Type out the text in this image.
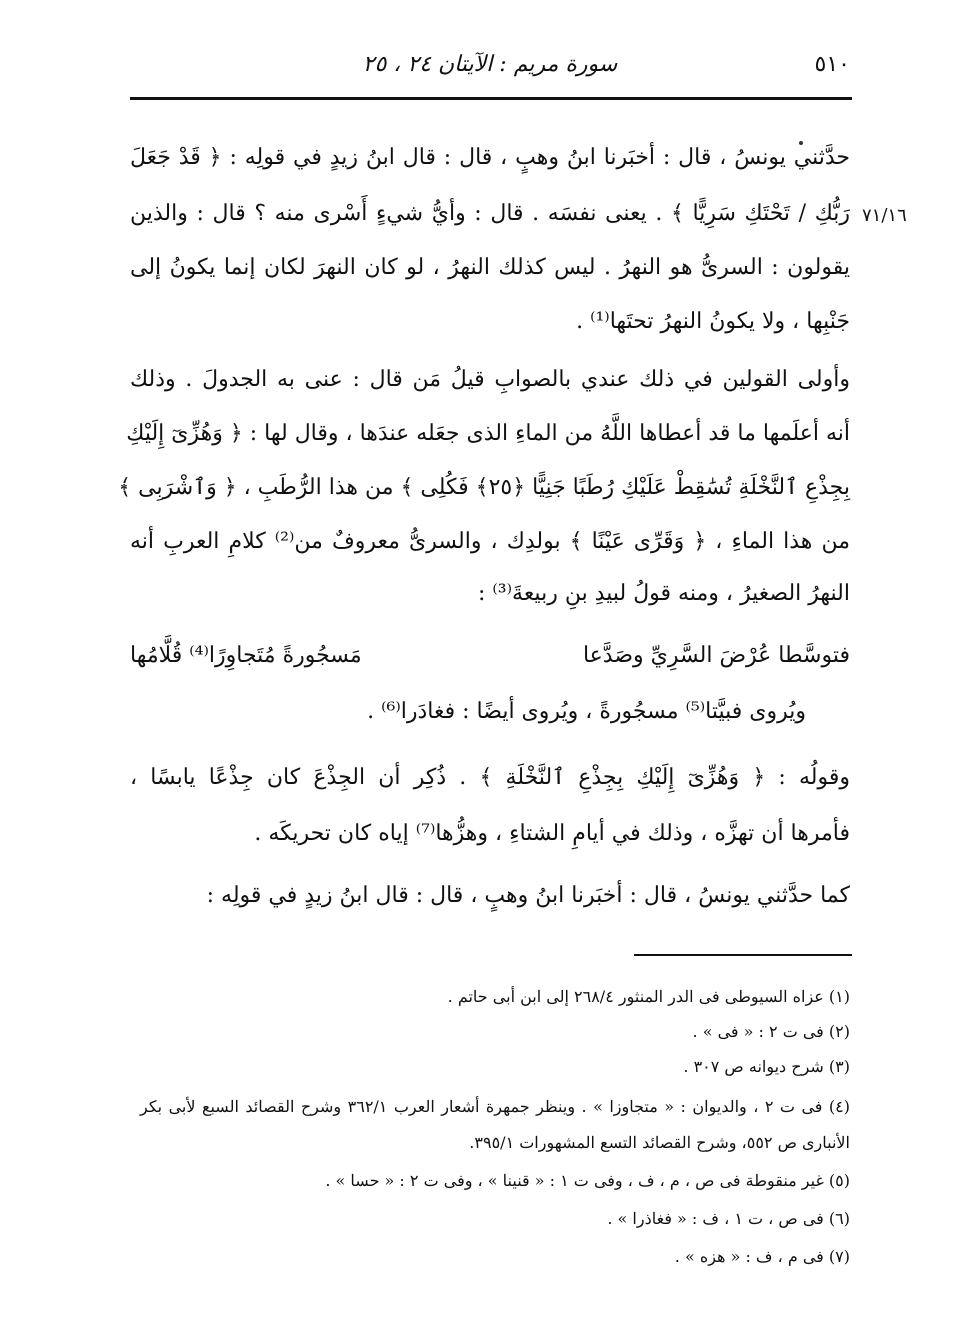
٥١٠
سورة مريم : الآيتان ٢٤ ، ٢٥
حدَّثني يونسُ ، قال : أخبَرنا ابنُ وهبٍ ، قال : قال ابنُ زيدٍ في قولِه : ﴿ قَدْ جَعَلَ
٧١/١٦
رَبُّكِ / تَحْتَكِ سَرِيًّا ﴾ . يعنى نفسَه . قال : وأيُّ شيءٍ أَسْرى منه ؟ قال : والذين
يقولون : السرىُّ هو النهرُ . ليس كذلك النهرُ ، لو كان النهرَ لكان إنما يكونُ إلى
جَنْبِها ، ولا يكونُ النهرُ تحتَها⁽¹⁾ .
وأولى القولين في ذلك عندي بالصوابِ قيلُ مَن قال : عنى به الجدولَ . وذلك
أنه أعلَمها ما قد أعطاها اللَّهُ من الماءِ الذى جعَله عندَها ، وقال لها : ﴿ وَهُزِّىٓ إِلَيْكِ
بِجِذْعِ ٱلنَّخْلَةِ تُسَٰقِطْ عَلَيْكِ رُطَبًا جَنِيًّا ﴿٢٥﴾ فَكُلِى ﴾ من هذا الرُّطَبِ ، ﴿ وَٱشْرَبِى ﴾
من هذا الماءِ ، ﴿ وَقَرِّى عَيْنًا ﴾ بولدِك ، والسرىُّ معروفٌ من⁽²⁾ كلامِ العربِ أنه
النهرُ الصغيرُ ، ومنه قولُ لبيدِ بنِ ربيعةَ⁽³⁾ :
فتوسَّطا عُرْضَ السَّرِيِّ وصَدَّعا
مَسجُورةً مُتَجاوِرًا⁽⁴⁾ قُلَّامُها
ويُروى فبيَّتا⁽⁵⁾ مسجُورةً ، ويُروى أيضًا : فغادَرا⁽⁶⁾ .
وقولُه : ﴿ وَهُزِّىٓ إِلَيْكِ بِجِذْعِ ٱلنَّخْلَةِ ﴾ . ذُكِر أن الجِذْعَ كان جِذْعًا يابسًا ،
فأمرها أن تهزَّه ، وذلك في أيامِ الشتاءِ ، وهزُّها⁽⁷⁾ إياه كان تحريكَه .
كما حدَّثني يونسُ ، قال : أخبَرنا ابنُ وهبٍ ، قال : قال ابنُ زيدٍ في قولِه :
(١) عزاه السيوطى فى الدر المنثور ٢٦٨/٤ إلى ابن أبى حاتم .
(٢) فى ت ٢ : « فى » .
(٣) شرح ديوانه ص ٣٠٧ .
(٤) فى ت ٢ ، والديوان : « متجاوزا » . وينظر جمهرة أشعار العرب ٣٦٢/١ وشرح القصائد السبع لأبى بكر
الأنبارى ص ٥٥٢، وشرح القصائد التسع المشهورات ٣٩٥/١.
(٥) غير منقوطة فى ص ، م ، ف ، وفى ت ١ : « قنينا » ، وفى ت ٢ : « حسا » .
(٦) فى ص ، ت ١ ، ف : « فغاذرا » .
(٧) فى م ، ف : « هزه » .
